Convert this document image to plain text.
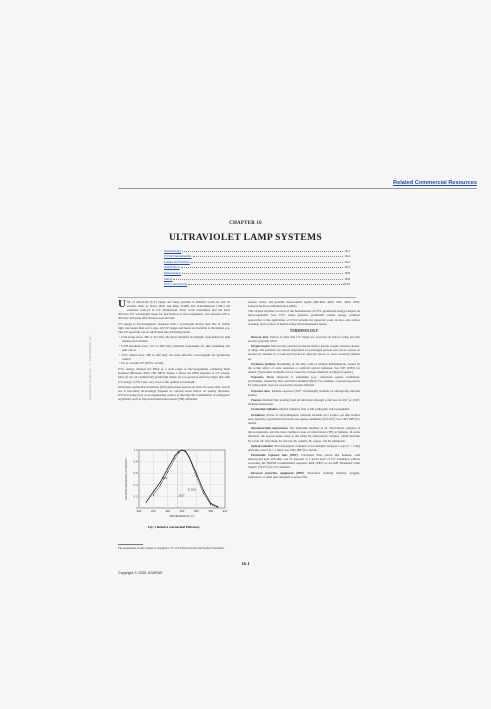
Related Commercial Resources
CHAPTER 16
ULTRAVIOLET LAMP SYSTEMS
Terminology	16.1
UVGI Fundamentals	16.2
Lamps and Ballasts	16.5
Application	16.5
Maintenance	16.8
Safety	16.8
Unit Conversions	16.10
Licensed for single user. © 2008 ASHRAE, Inc.

USE of ultraviolet (UV) lamps and lamp systems to disinfect room air and air streams dates to about 1900, and Riley (1988) and Schechmeister (1991) list extensive reviews of UV disinfection. Early work established that the most effective UV wavelength range for inactivation of microorganisms was between 220 to 300 nm, with peak effectiveness near 265 nm.

UV energy is electromagnetic radiation with a wavelength shorter than that of visible light, but longer than soft x-rays. All UV ranges and bands are invisible to the human eye. The UV spectrum can be subdivided into following bands:

• UVA (long-wave; 400 to 315 nm): the most abundant in sunlight, responsible for skin tanning and wrinkles
• UVB (medium-wave; 315 to 280 nm): primarily responsible for skin reddening and skin cancer
• UVC (short-wave; 280 to 200 nm): the most effective wave-lengths for germicidal control
• Far or vacuum UV (200 to 10 nm)

UVC energy disrupts the DNA of a wide range of microorganisms, rendering them harmless (Brickner 2003; CIE 2003). Figure 1 shows the DNA response to UV energy. Most (if not all commercial) germicidal lamps are low-pressure mercury lamps that emit UV energy at 253.7 nm, very close to the optimal wavelength.

Ultraviolet germicidal irradiation (UVGI) has been used in air ducts for some time, and its use is becoming increasingly frequent as concern about indoor air quality increases. UVGI is being used as an engineering control to interrupt the transmission of pathogenic organisms, such as Mycobacterium tuberculosis (TB), influenza

200	220	240	260	280	300	320
0
0.2
0.4
0.6
0.8
1.0
WAVELENGTH, nm
RELATIVE GERMICIDAL EFFICIENCY	DNA
E. COLI
253.7
Fig. 1 Relative Germicidal Efficiency
The preparation of this chapter is assigned to TC 2.9, Ultraviolet Air and Surface Treatment.

viruses, mold, and possible bioterrorism agents (Brickner 2003; CDC 2002, 2005; General Services Administration 2003).

This chapter includes a review of the fundamentals of UVC germicidal energy's impact on microorganisms, how UVC lamps generate germicidal radiant energy, common approaches to the application of UVGI systems for upper-air room, in-duct, and surface cleaning, and a review of human safety and maintenance issues.

TERMINOLOGY

Burn-in time. Period of time that UV lamps are powered on before being put into service, typically 100 h.

Droplet nuclei. Microscopic particles produced when a person coughs, sneezes, shouts, or sings. The particles can remain suspended for prolonged periods and can be carried on normal air currents in a room and beyond to adjacent spaces or areas receiving exhaust air.

Erythema (actinic). Reddening of the skin, with or without inflammation, caused by the actinic effect of solar radiation or artificial optical radiation. See CIE (1987) for details. (Nonactinic erythema can be caused by various chemical or physical agents.)

Exposure. Being subjected to something (e.g., infectious agents, irradiation, particulates, chemicals) that could have harmful effects. For example, a person exposed to M. tuberculosis does not necessarily become infected.

Exposure dose. Radiant exposure (J/m²; wavelength) incident on biologically relevant surface.

Fluence. Radiant flux passing from all directions through a unit area in J/m² or J/cm²; includes backscatter.

Germicidal radiation. Optical radiation able to kill pathogenic microorganisms.

Irradiance. Power of electromagnetic radiation incident on a surface per unit surface area, typically reported in microwatts per square centimeter (µW/cm²). See CIE (1987) for details.

Mycobacterium tuberculosis. The namesake member of M. tuberculosis complex of microorganisms, and the most common cause of tuberculosis (TB) in humans. In some instances, the species name refers to the entire M. tuberculosis complex, which includes M. bovis, M. africanum, M. microti, M. canettii, M. caprae, and M. pinnipedii.

Optical radiation. Electromagnetic radiation at wavelengths between x-rays (λ ≈ 1 nm) and radio waves (λ ≈ 1 mm). See CIE (1987) for details.

Permissible exposure time (PET). Calculated time period that humans, with unprotected eyes and skin, can be exposed to a given level of UV irradiance without exceeding the NIOSH recommended exposure limit (REL) or ACGIH Threshold Limit Value® (TLV®) for UV radiation.

Personal protective equipment (PPE). Protective clothing, helmets, goggles, respirators, or other gear designed to protect the

16.1
Copyright © 2008, ASHRAE
